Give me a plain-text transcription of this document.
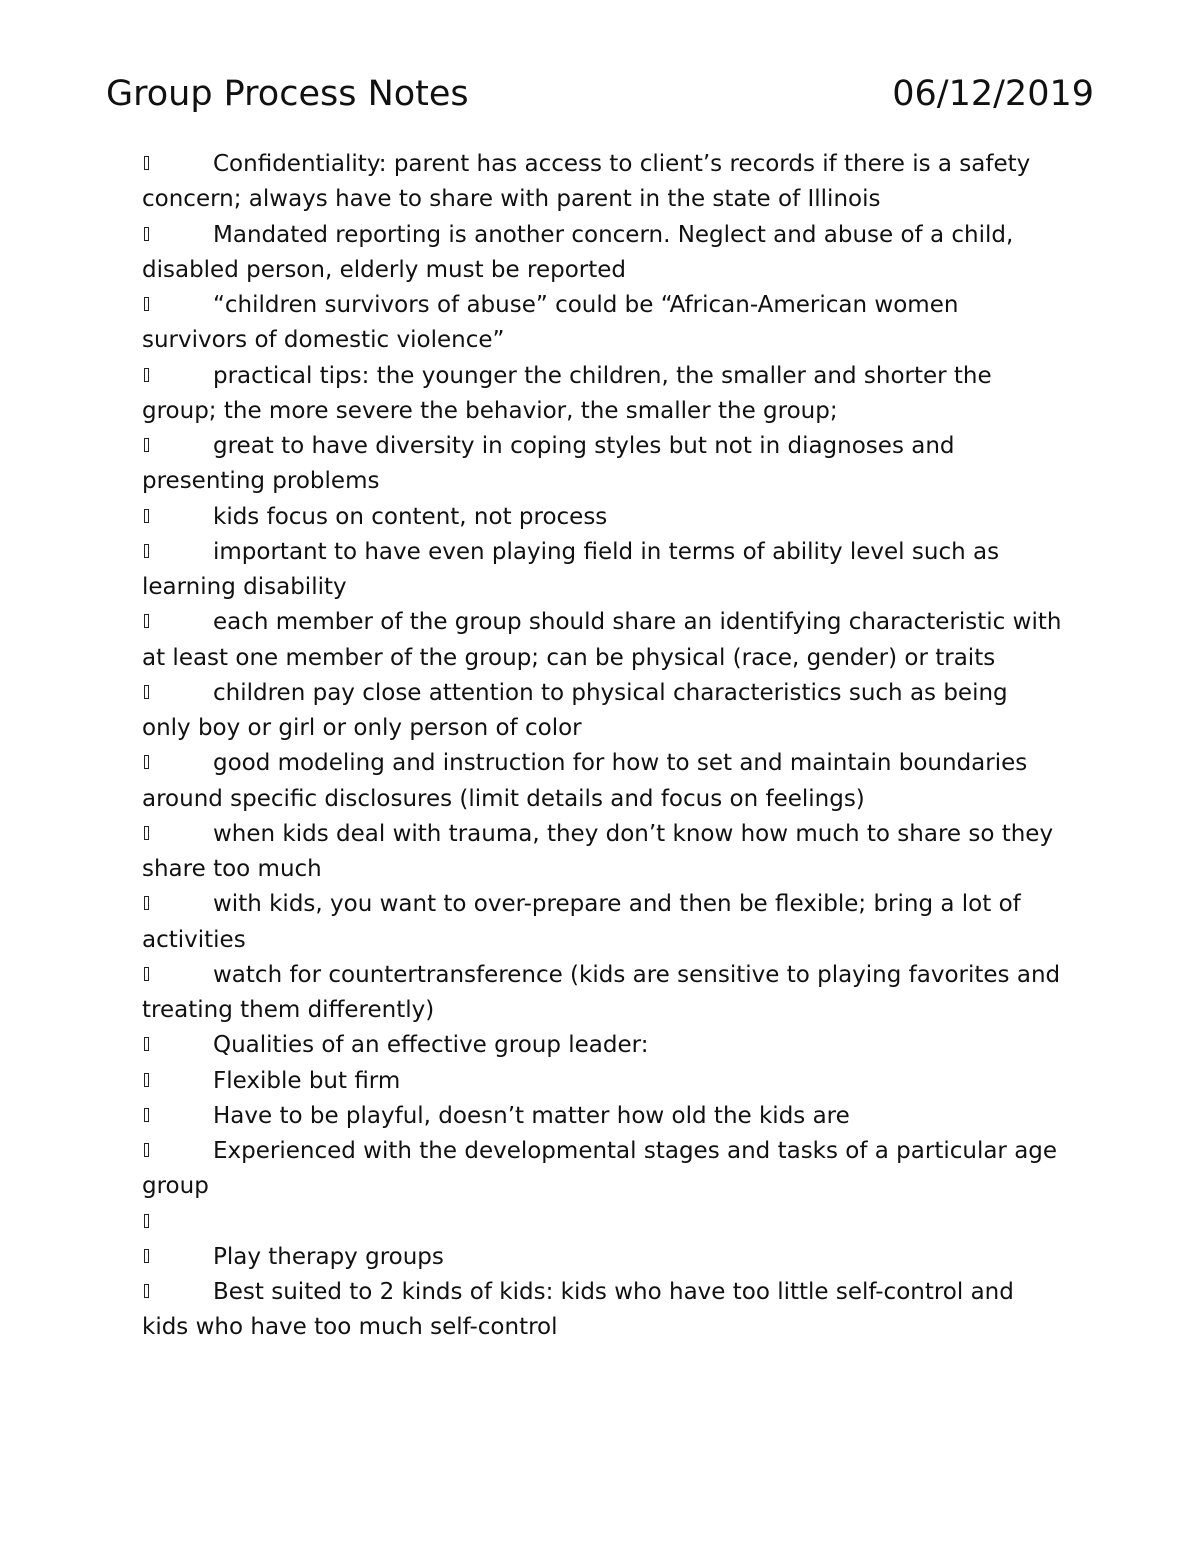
Group Process Notes	06/12/2019
Confidentiality: parent has access to client’s records if there is a safety concern; always have to share with parent in the state of Illinois
Mandated reporting is another concern. Neglect and abuse of a child, disabled person, elderly must be reported
“children survivors of abuse” could be “African-American women survivors of domestic violence”
practical tips: the younger the children, the smaller and shorter the group; the more severe the behavior, the smaller the group;
great to have diversity in coping styles but not in diagnoses and presenting problems
kids focus on content, not process
important to have even playing field in terms of ability level such as learning disability
each member of the group should share an identifying characteristic with at least one member of the group; can be physical (race, gender) or traits
children pay close attention to physical characteristics such as being only boy or girl or only person of color
good modeling and instruction for how to set and maintain boundaries around specific disclosures (limit details and focus on feelings)
when kids deal with trauma, they don’t know how much to share so they share too much
with kids, you want to over-prepare and then be flexible; bring a lot of activities
watch for countertransference (kids are sensitive to playing favorites and treating them differently)
Qualities of an effective group leader:
Flexible but firm
Have to be playful, doesn’t matter how old the kids are
Experienced with the developmental stages and tasks of a particular age group
Play therapy groups
Best suited to 2 kinds of kids: kids who have too little self-control and kids who have too much self-control
